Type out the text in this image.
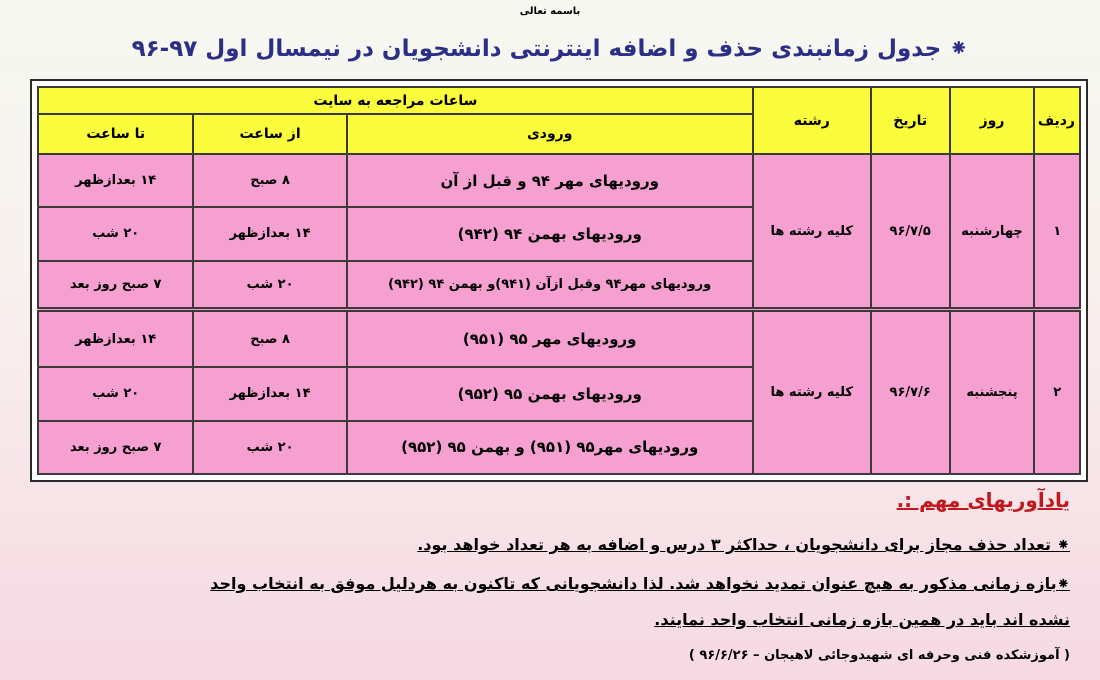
باسمه تعالی
⁕ جدول زمانبندی حذف و اضافه اینترنتی دانشجویان در نیمسال اول ۹۷-۹۶
ردیف	روز	تاریخ	رشته	ساعات مراجعه به سایت		
				ورودی	از ساعت	تا ساعت
۱	چهارشنبه	۹۶/۷/۵	کلیه رشته ها	ورودیهای مهر ۹۴ و قبل از آن	۸ صبح	۱۴ بعدازظهر
				ورودیهای بهمن ۹۴ (۹۴۲)	۱۴ بعدازظهر	۲۰ شب
				ورودیهای مهر۹۴ وقبل ازآن (۹۴۱)و بهمن ۹۴ (۹۴۲)	۲۰ شب	۷ صبح روز بعد
۲	پنجشنبه	۹۶/۷/۶	کلیه رشته ها	ورودیهای مهر ۹۵ (۹۵۱)	۸ صبح	۱۴ بعدازظهر
				ورودیهای بهمن ۹۵ (۹۵۲)	۱۴ بعدازظهر	۲۰ شب
				ورودیهای مهر۹۵ (۹۵۱) و بهمن ۹۵ (۹۵۲)	۲۰ شب	۷ صبح روز بعد
یادآوریهای مهم :.
⁕ تعداد حذف مجاز برای دانشجویان ، حداکثر ۳ درس و اضافه به هر تعداد خواهد بود.
⁕بازه زمانی مذکور به هیچ عنوان تمدید نخواهد شد. لذا دانشجویانی که تاکنون به هردلیل موفق به انتخاب واحد
نشده اند باید در همین بازه زمانی انتخاب واحد نمایند.
( آموزشکده فنی وحرفه ای شهیدوجائی لاهیجان – ۹۶/۶/۲۶ )
